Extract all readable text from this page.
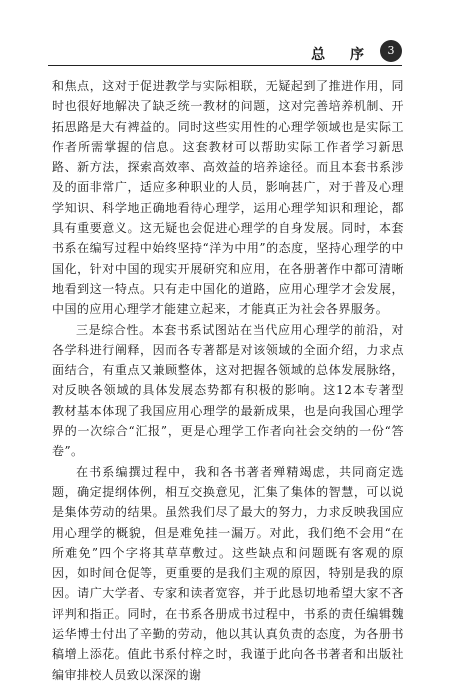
总 序	3

和焦点，这对于促进教学与实际相联，无疑起到了推进作用，同时也很好地解决了缺乏统一教材的问题，这对完善培养机制、开拓思路是大有裨益的。同时这些实用性的心理学领域也是实际工作者所需掌握的信息。这套教材可以帮助实际工作者学习新思路、新方法，探索高效率、高效益的培养途径。而且本套书系涉及的面非常广，适应多种职业的人员，影响甚广，对于普及心理学知识、科学地正确地看待心理学，运用心理学知识和理论，都具有重要意义。这无疑也会促进心理学的自身发展。同时，本套书系在编写过程中始终坚持“洋为中用”的态度，坚持心理学的中国化，针对中国的现实开展研究和应用，在各册著作中都可清晰地看到这一特点。只有走中国化的道路，应用心理学才会发展，中国的应用心理学才能建立起来，才能真正为社会各界服务。

三是综合性。本套书系试图站在当代应用心理学的前沿，对各学科进行阐释，因而各专著都是对该领域的全面介绍，力求点面结合，有重点又兼顾整体，这对把握各领域的总体发展脉络，对反映各领域的具体发展态势都有积极的影响。这12本专著型教材基本体现了我国应用心理学的最新成果，也是向我国心理学界的一次综合“汇报”，更是心理学工作者向社会交纳的一份“答卷”。

在书系编撰过程中，我和各书著者殚精竭虑，共同商定选题，确定提纲体例，相互交换意见，汇集了集体的智慧，可以说是集体劳动的结果。虽然我们尽了最大的努力，力求反映我国应用心理学的概貌，但是难免挂一漏万。对此，我们绝不会用“在所难免”四个字将其草草敷过。这些缺点和问题既有客观的原因，如时间仓促等，更重要的是我们主观的原因，特别是我的原因。请广大学者、专家和读者宽容，并于此恳切地希望大家不吝评判和指正。同时，在书系各册成书过程中，书系的责任编辑魏运华博士付出了辛勤的劳动，他以其认真负责的态度，为各册书稿增上添花。值此书系付梓之时，我谨于此向各书著者和出版社编审排校人员致以深深的谢
